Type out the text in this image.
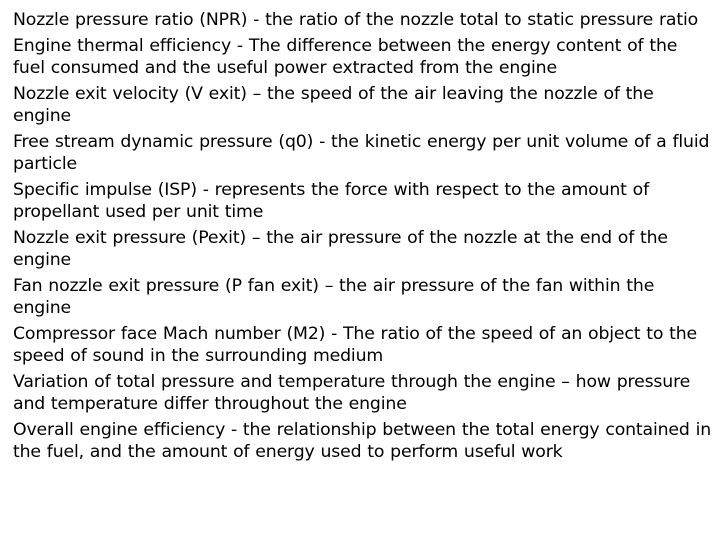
Nozzle pressure ratio (NPR) - the ratio of the nozzle total to static pressure ratio
Engine thermal efficiency - The difference between the energy content of the fuel consumed and the useful power extracted from the engine
Nozzle exit velocity (V exit) – the speed of the air leaving the nozzle of the engine
Free stream dynamic pressure (q0) - the kinetic energy per unit volume of a fluid particle
Specific impulse (ISP) - represents the force with respect to the amount of propellant used per unit time
Nozzle exit pressure (Pexit) – the air pressure of the nozzle at the end of the engine
Fan nozzle exit pressure (P fan exit) – the air pressure of the fan within the engine
Compressor face Mach number (M2) - The ratio of the speed of an object to the speed of sound in the surrounding medium
Variation of total pressure and temperature through the engine – how pressure and temperature differ throughout the engine
Overall engine efficiency - the relationship between the total energy contained in the fuel, and the amount of energy used to perform useful work
